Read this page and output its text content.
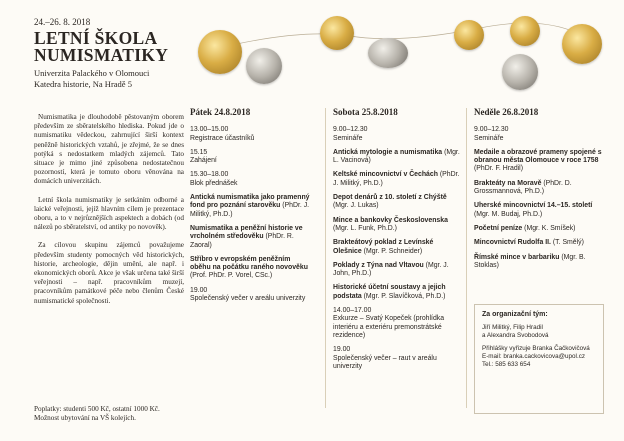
24.–26. 8. 2018
LETNÍ ŠKOLA
NUMISMATIKY
Univerzita Palackého v Olomouci
Katedra historie, Na Hradě 5

Numismatika je dlouhodobě pěstovaným oborem především ze sběratelského hlediska. Pokud jde o numismatiku vědeckou, zahrnující širší kontext peněžně historických vztahů, je zřejmé, že se dnes potýká s nedostatkem mladých zájemců. Tato situace je mimo jiné způsobena nedostatečnou pozorností, která je tomuto oboru věnována na domácích univerzitách.

Letní škola numismatiky je setkáním odborné a laické veřejnosti, jejíž hlavním cílem je prezentace oboru, a to v nejrůznějších aspektech a dobách (od nálezů po sběratelství, od antiky po novověk).

Za cílovou skupinu zájemců považujeme především studenty pomocných věd historických, historie, archeologie, dějin umění, ale např. i ekonomických oborů. Akce je však určena také širší veřejnosti – např. pracovníkům muzejí, pracovníkům památkové péče nebo členům České numismatické společnosti.

Poplatky: studenti 500 Kč, ostatní 1000 Kč.
Možnost ubytování na VŠ kolejích.
Pátek 24.8.2018
13.00–15.00
Registrace účastníků
15.15
Zahájení
15.30–18.00
Blok přednášek
Antická numismatika jako pramenný fond pro poznání starověku (PhDr. J. Militký, Ph.D.)
Numismatika a peněžní historie ve vrcholném středověku (PhDr. R. Zaoral)
Stříbro v evropském peněžním oběhu na počátku raného novověku (Prof. PhDr. P. Vorel, CSc.)
19.00
Společenský večer v areálu univerzity
Sobota 25.8.2018
9.00–12.30
Semináře
Antická mytologie a numismatika (Mgr. L. Vacinová)
Keltské mincovnictví v Čechách (PhDr. J. Militký, Ph.D.)
Depot denárů z 10. století z Chýště (Mgr. J. Lukas)
Mince a bankovky Československa (Mgr. L. Funk, Ph.D.)
Brakteátový poklad z Levínské Olešnice (Mgr. P. Schneider)
Poklady z Týna nad Vltavou (Mgr. J. John, Ph.D.)
Historické účetní soustavy a jejich podstata (Mgr. P. Slavíčková, Ph.D.)
14.00–17.00
Exkurze – Svatý Kopeček (prohlídka interiéru a exteriéru premonstrátské rezidence)
19.00
Společenský večer – raut v areálu univerzity
Neděle 26.8.2018
9.00–12.30
Semináře
Medaile a obrazové prameny spojené s obranou města Olomouce v roce 1758 (PhDr. F. Hradil)
Brakteáty na Moravě (PhDr. D. Grossmannová, Ph.D.)
Uherské mincovnictví 14.–15. století (Mgr. M. Budaj, Ph.D.)
Početní peníze (Mgr. K. Smíšek)
Mincovnictví Rudolfa II. (T. Smělý)
Římské mince v barbariku (Mgr. B. Stoklas)
Za organizační tým:

Jiří Militký, Filip Hradil
a Alexandra Svobodová

Přihlášky vyřizuje Branka Čačkovičová
E-mail: branka.cackovicova@upol.cz
Tel.: 585 633 654
